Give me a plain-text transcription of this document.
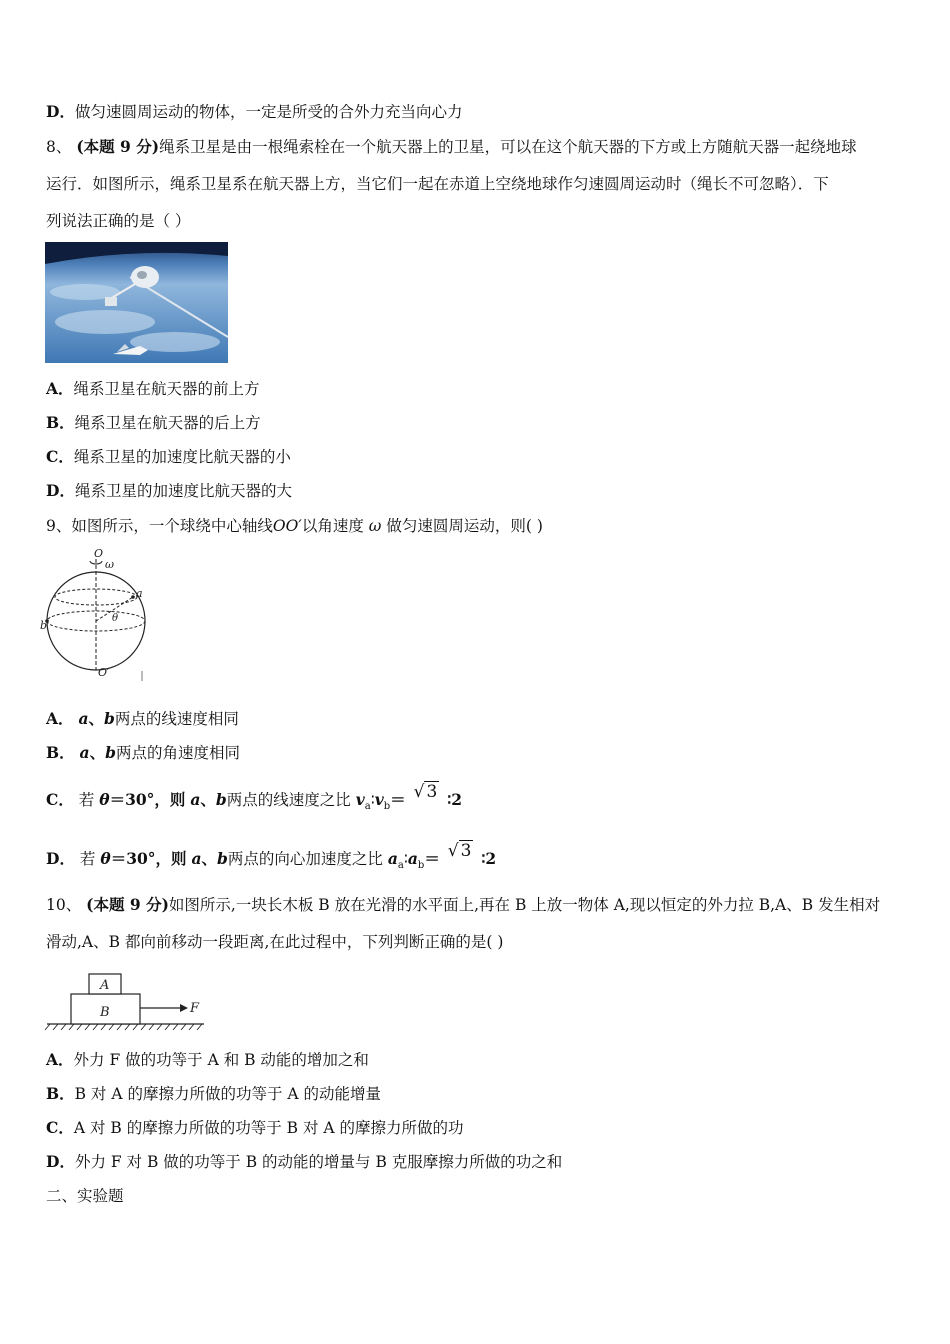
D．做匀速圆周运动的物体，一定是所受的合外力充当向心力
8、 (本题 9 分)绳系卫星是由一根绳索栓在一个航天器上的卫星，可以在这个航天器的下方或上方随航天器一起绕地球
运行．如图所示，绳系卫星系在航天器上方，当它们一起在赤道上空绕地球作匀速圆周运动时（绳长不可忽略）．下
列说法正确的是（ ）
A．绳系卫星在航天器的前上方
B．绳系卫星在航天器的后上方
C．绳系卫星的加速度比航天器的小
D．绳系卫星的加速度比航天器的大
9、如图所示，一个球绕中心轴线OO′以角速度 ω 做匀速圆周运动，则( )
O
ω
a
θ
O′
b
A． a、b两点的线速度相同
B． a、b两点的角速度相同
C． 若 θ＝30°，则 a、b两点的线速度之比 $v_a∶v_b=$ √ 3 ∶2
D． 若 θ＝30°，则 a、b两点的向心加速度之比 $a_a∶a_b=$ √ 3 ∶2
10、 (本题 9 分)如图所示,一块长木板 B 放在光滑的水平面上,再在 B 上放一物体 A,现以恒定的外力拉 B,A、B 发生相对
滑动,A、B 都向前移动一段距离,在此过程中，下列判断正确的是( )
A
B	F
A．外力 F 做的功等于 A 和 B 动能的增加之和
B．B 对 A 的摩擦力所做的功等于 A 的动能增量
C．A 对 B 的摩擦力所做的功等于 B 对 A 的摩擦力所做的功
D．外力 F 对 B 做的功等于 B 的动能的增量与 B 克服摩擦力所做的功之和
二、实验题
